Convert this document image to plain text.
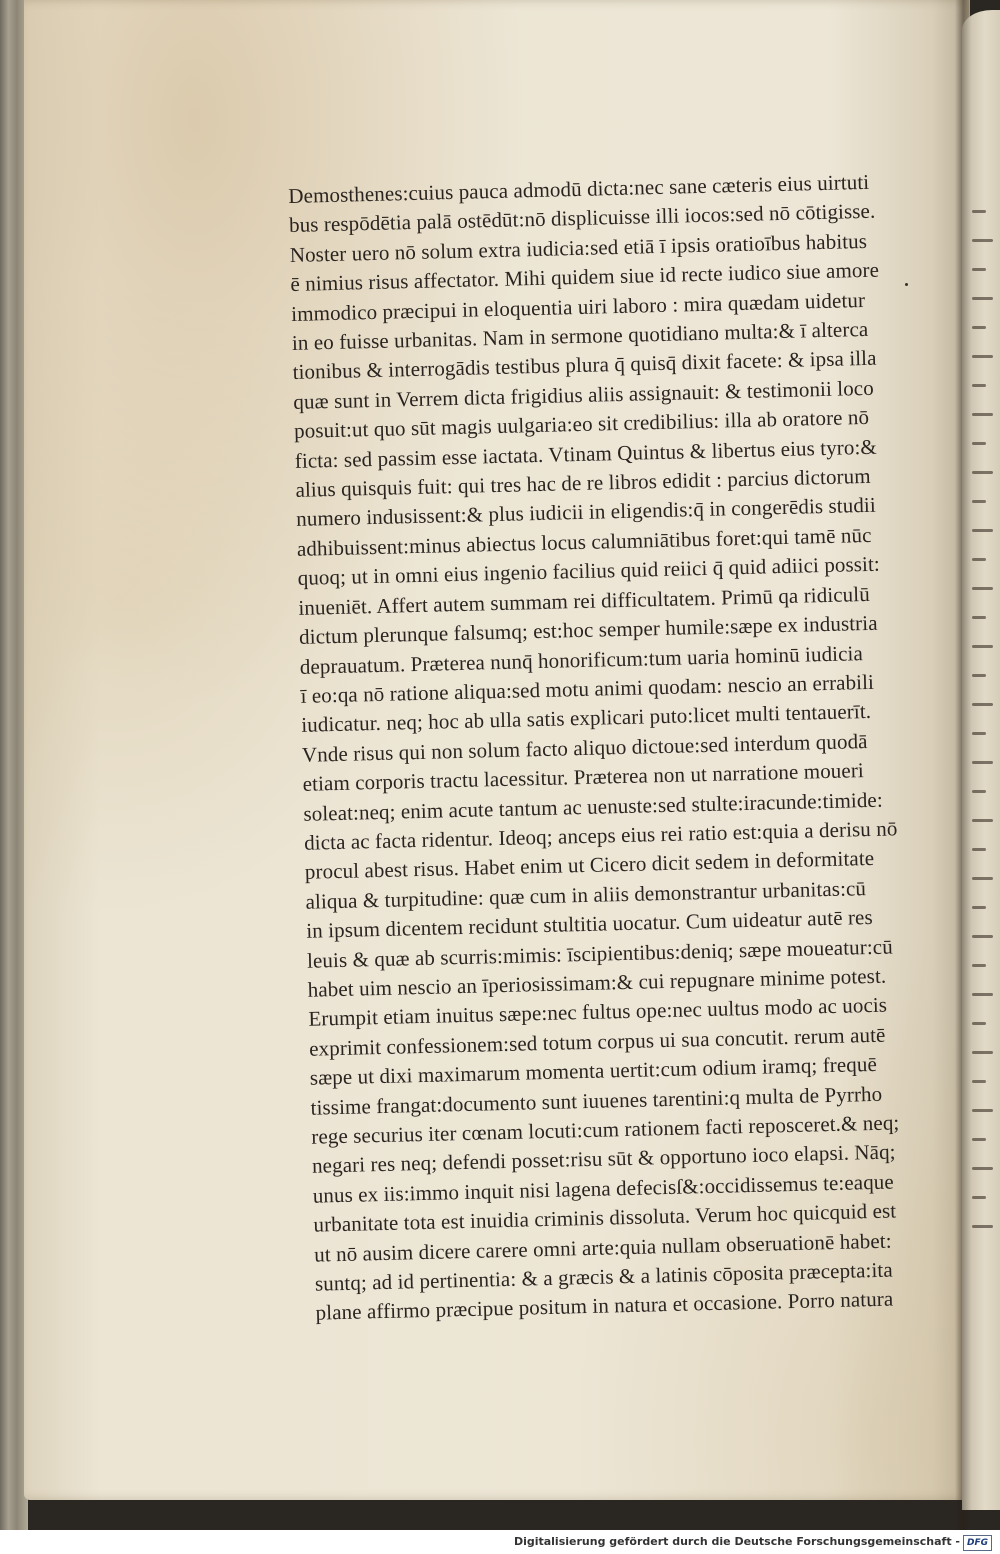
Demosthenes:cuius pauca admodū dicta:nec sane cæteris eius uirtuti
bus respōdētia palā ostēdūt:nō displicuisse illi iocos:sed nō cōtigisse.
Noster uero nō solum extra iudicia:sed etiā ī ipsis oratioībus habitus
ē nimius risus affectator. Mihi quidem siue id recte iudico siue amore
immodico præcipui in eloquentia uiri laboro : mira quædam uidetur
in eo fuisse urbanitas. Nam in sermone quotidiano multa:& ī alterca
tionibus & interrogādis testibus plura q̄ quisq̄ dixit facete: & ipsa illa
quæ sunt in Verrem dicta frigidius aliis assignauit: & testimonii loco
posuit:ut quo sūt magis uulgaria:eo sit credibilius: illa ab oratore nō
ficta: sed passim esse iactata. Vtinam Quintus & libertus eius tyro:&
alius quisquis fuit: qui tres hac de re libros edidit : parcius dictorum
numero indusissent:& plus iudicii in eligendis:q̄ in congerēdis studii
adhibuissent:minus abiectus locus calumniātibus foret:qui tamē nūc
quoq; ut in omni eius ingenio facilius quid reiici q̄ quid adiici possit:
inueniēt. Affert autem summam rei difficultatem. Primū qa ridiculū
dictum plerunque falsumq; est:hoc semper humile:sæpe ex industria
deprauatum. Præterea nunq̄ honorificum:tum uaria hominū iudicia
ī eo:qa nō ratione aliqua:sed motu animi quodam: nescio an errabili
iudicatur. neq; hoc ab ulla satis explicari puto:licet multi tentauerīt.
Vnde risus qui non solum facto aliquo dictoue:sed interdum quodā
etiam corporis tractu lacessitur. Præterea non ut narratione moueri
soleat:neq; enim acute tantum ac uenuste:sed stulte:iracunde:timide:
dicta ac facta ridentur. Ideoq; anceps eius rei ratio est:quia a derisu nō
procul abest risus. Habet enim ut Cicero dicit sedem in deformitate
aliqua & turpitudine: quæ cum in aliis demonstrantur urbanitas:cū
in ipsum dicentem recidunt stultitia uocatur. Cum uideatur autē res
leuis & quæ ab scurris:mimis: īscipientibus:deniq; sæpe moueatur:cū
habet uim nescio an īperiosissimam:& cui repugnare minime potest.
Erumpit etiam inuitus sæpe:nec fultus ope:nec uultus modo ac uocis
exprimit confessionem:sed totum corpus ui sua concutit. rerum autē
sæpe ut dixi maximarum momenta uertit:cum odium iramq; frequē
tissime frangat:documento sunt iuuenes tarentini:q multa de Pyrrho
rege securius iter cœnam locuti:cum rationem facti reposceret.& neq;
negari res neq; defendi posset:risu sūt & opportuno ioco elapsi. Nāq;
unus ex iis:immo inquit nisi lagena defecisſ&:occidissemus te:eaque
urbanitate tota est inuidia criminis dissoluta. Verum hoc quicquid est
ut nō ausim dicere carere omni arte:quia nullam obseruationē habet:
suntq; ad id pertinentia: & a græcis & a latinis cōposita præcepta:ita
plane affirmo præcipue positum in natura et occasione. Porro natura
Digitalisierung gefördert durch die Deutsche Forschungsgemeinschaft - DFG
